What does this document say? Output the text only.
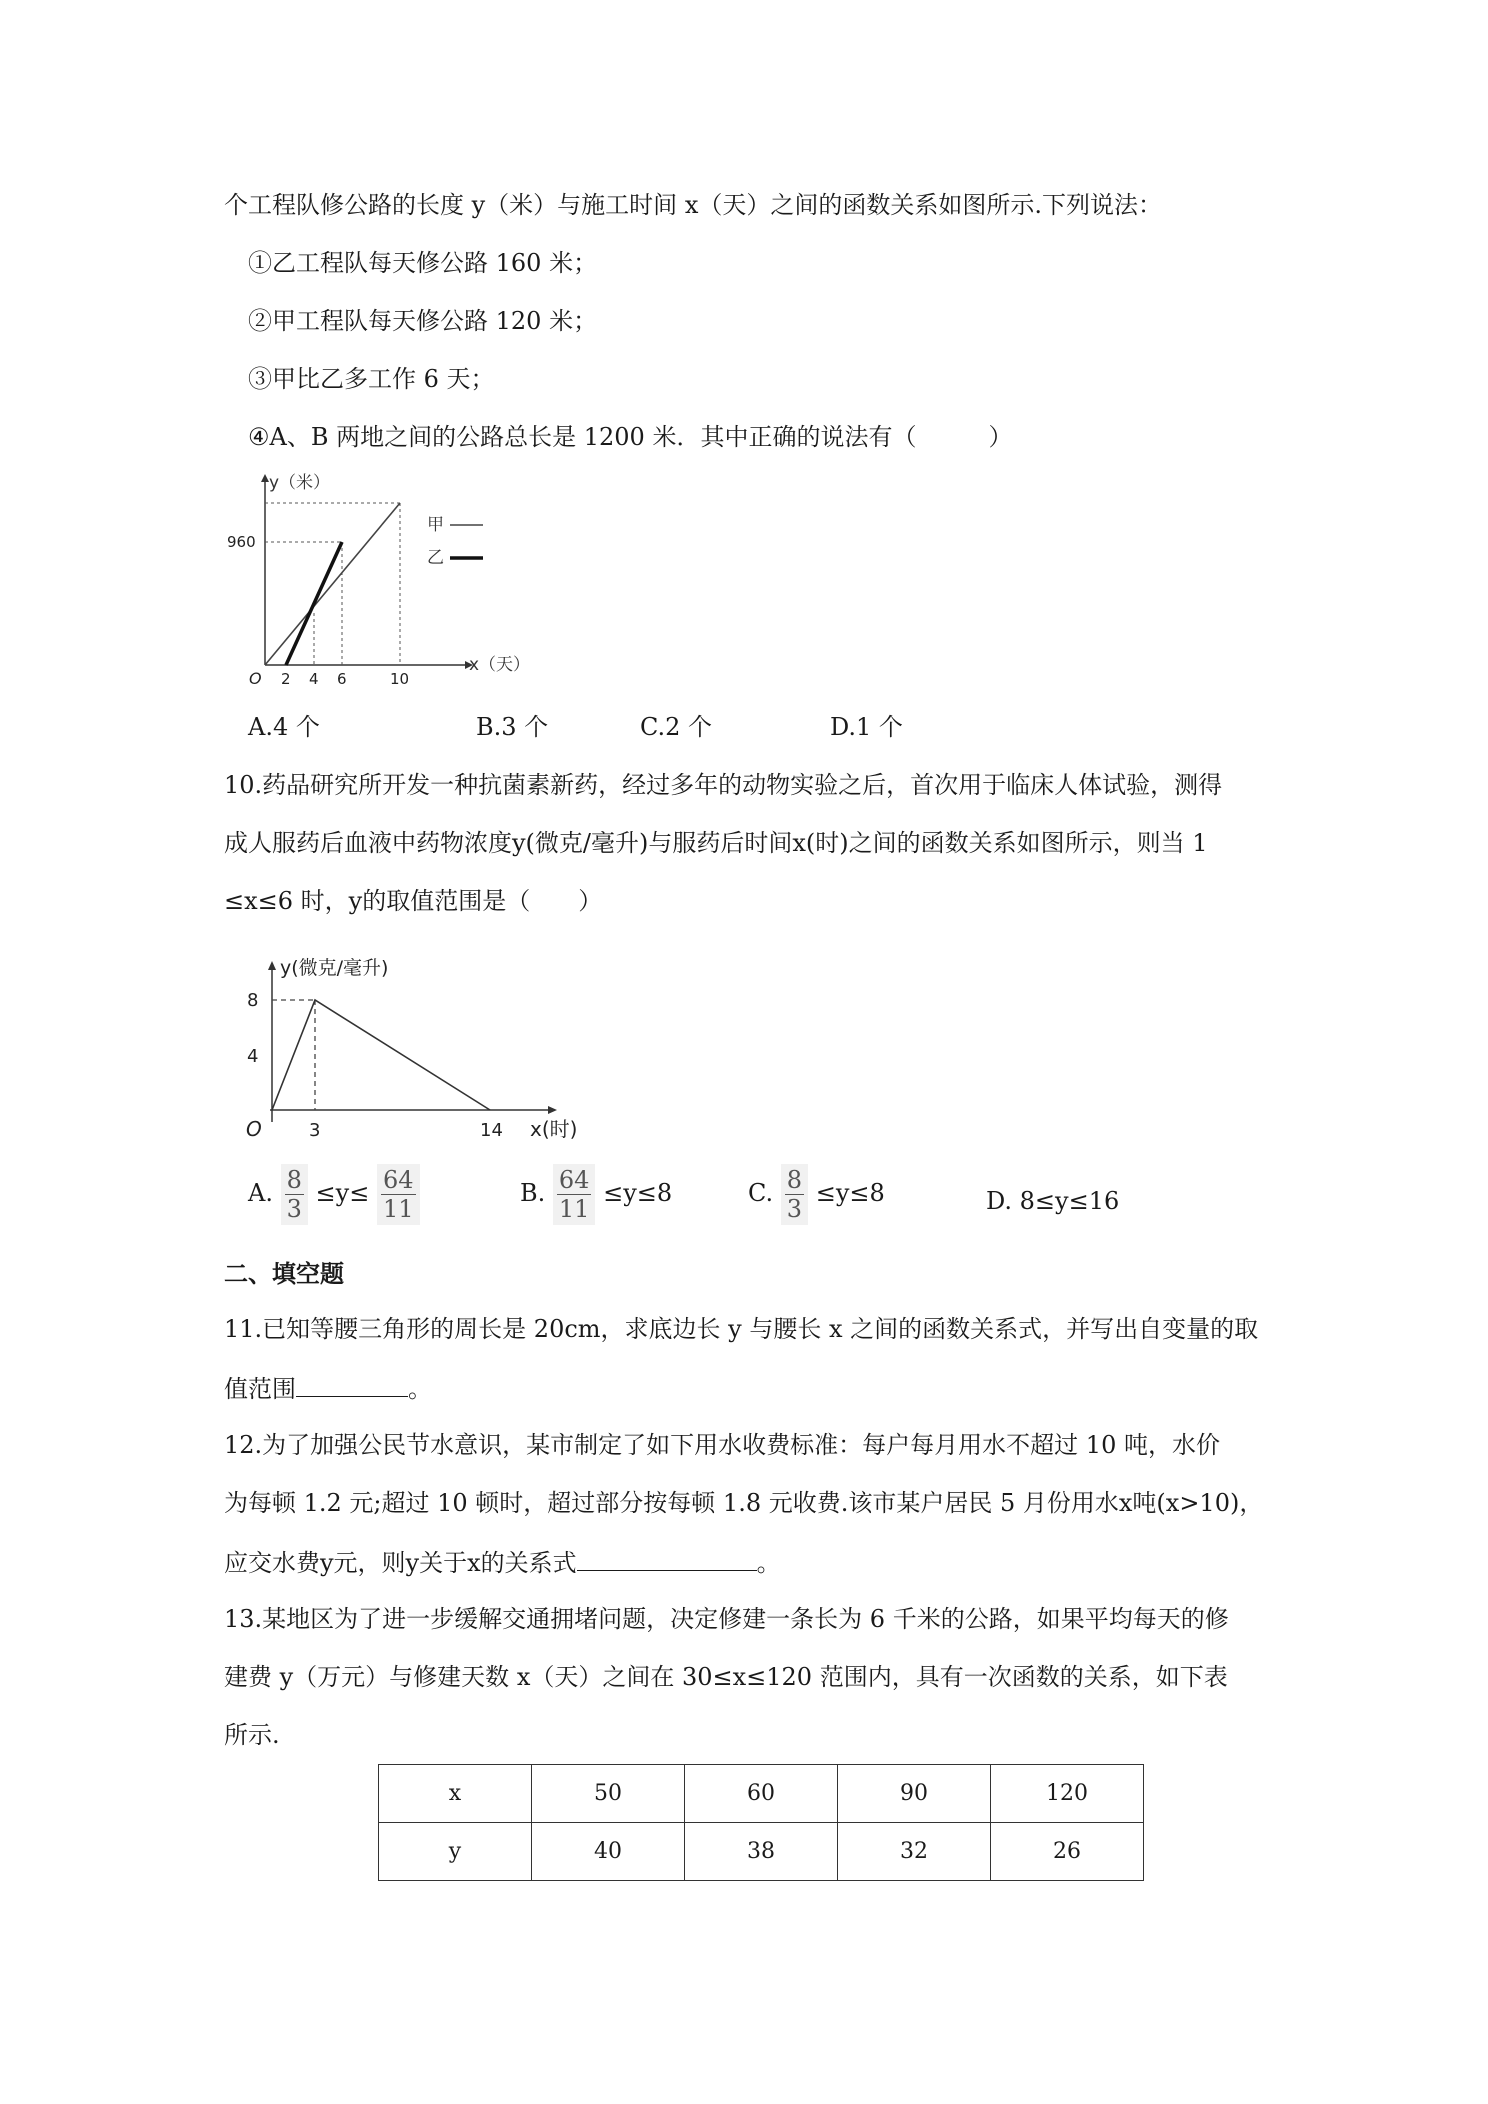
个工程队修公路的长度 y（米）与施工时间 x（天）之间的函数关系如图所示.下列说法：
①乙工程队每天修公路 160 米；
②甲工程队每天修公路 120 米；
③甲比乙多工作 6 天；
④A、B 两地之间的公路总长是 1200 米．其中正确的说法有（　　　）
y（米）
960
O 2 4 6	10
x（天）
甲
乙
A.4 个	B.3 个	C.2 个	D.1 个
10.药品研究所开发一种抗菌素新药，经过多年的动物实验之后，首次用于临床人体试验，测得
成人服药后血液中药物浓度y(微克/毫升)与服药后时间x(时)之间的函数关系如图所示，则当 1
≤x≤6 时，y的取值范围是（　　）
y(微克/毫升)
8
4
O	3	14 x(时)
A. $\frac{8}{3} \le y\le \frac{64}{11}$	B. $\frac{64}{11} \le y\le 8$	C. $\frac{8}{3} \le y\le 8$	D. 8≤y≤16
二、填空题
11.已知等腰三角形的周长是 20cm，求底边长 y 与腰长 x 之间的函数关系式，并写出自变量的取
值范围	。
12.为了加强公民节水意识，某市制定了如下用水收费标准：每户每月用水不超过 10 吨，水价
为每顿 1.2 元;超过 10 顿时，超过部分按每顿 1.8 元收费.该市某户居民 5 月份用水x吨(x>10)，
应交水费y元，则y关于x的关系式	。
13.某地区为了进一步缓解交通拥堵问题，决定修建一条长为 6 千米的公路，如果平均每天的修
建费 y（万元）与修建天数 x（天）之间在 30≤x≤120 范围内，具有一次函数的关系，如下表
所示.
x	50	60	90	120
y	40	38	32	26
